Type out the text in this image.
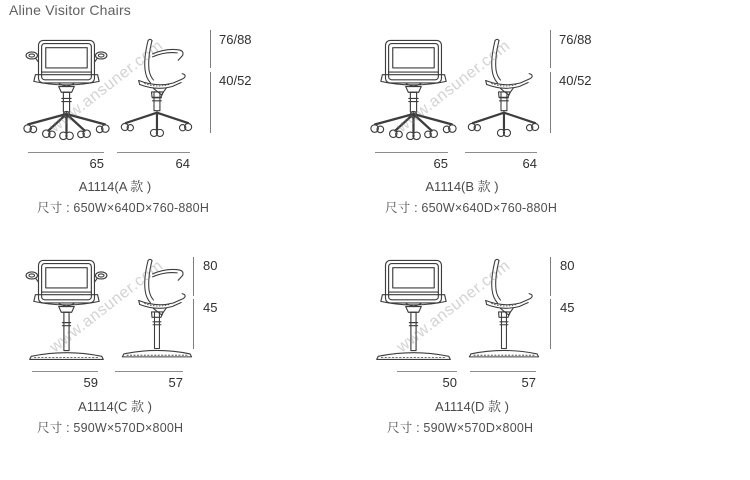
Aline Visitor Chairs
76/88
40/52
65	64
A1114(A 款 )
尺寸 : 650W×640D×760-880H
www.ansuner.com	76/88
40/52
65	64
A1114(B 款 )
尺寸 : 650W×640D×760-880H
www.ansuner.com
80
45
59	57
A1114(C 款 )
尺寸 : 590W×570D×800H
www.ansuner.com	80
45
50	57
A1114(D 款 )
尺寸 : 590W×570D×800H
www.ansuner.com
